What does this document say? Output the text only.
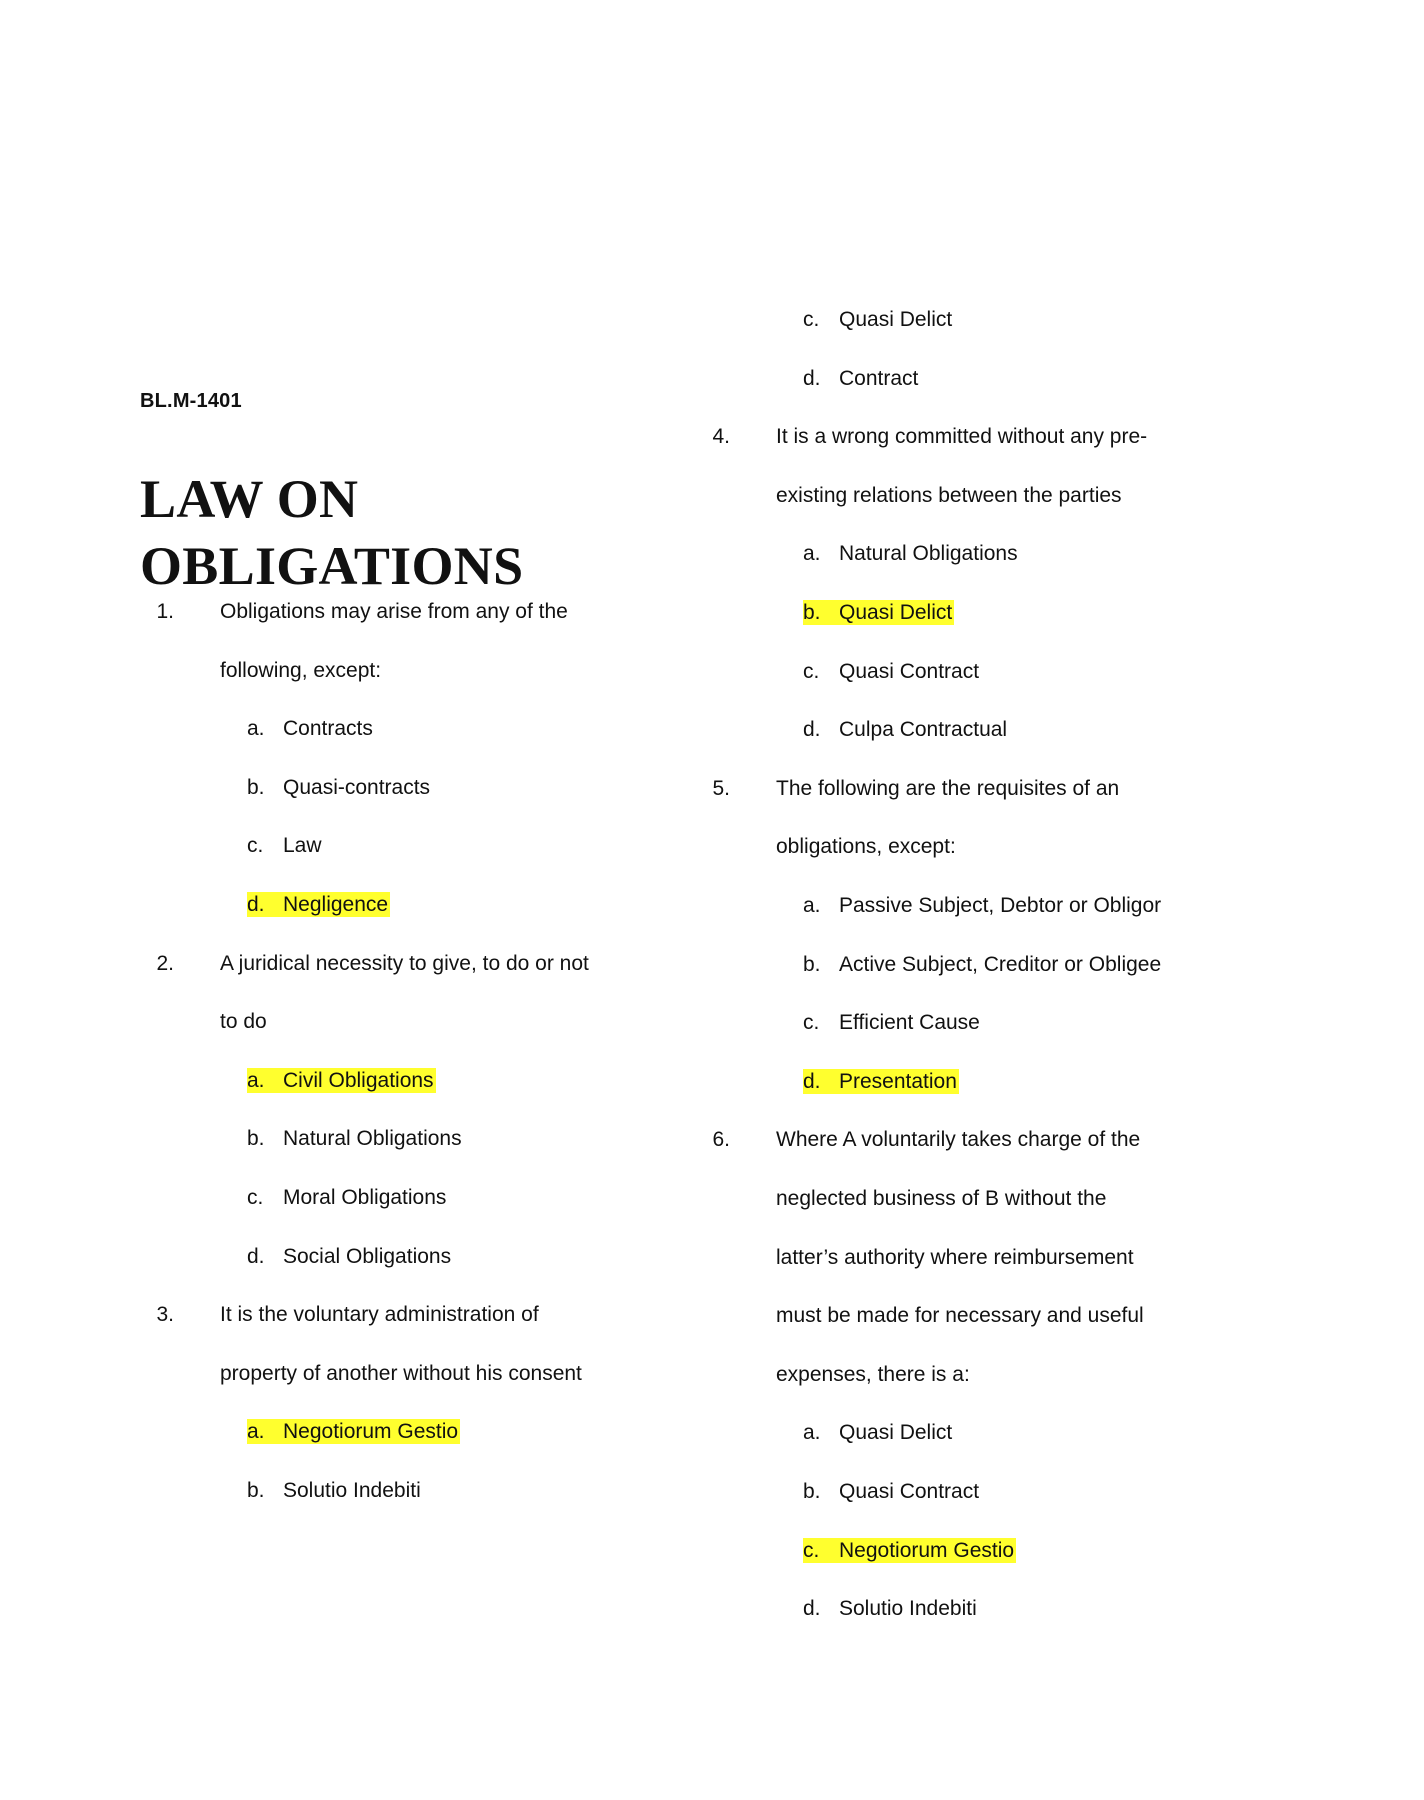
BL.M-1401
LAW ON
OBLIGATIONS
Obligations may arise from any of the
1.
following, except:
a. Contracts
b. Quasi-contracts
c. Law
d. Negligence
A juridical necessity to give, to do or not
2.
to do
a. Civil Obligations
b. Natural Obligations
c. Moral Obligations
d. Social Obligations
It is the voluntary administration of
3.
property of another without his consent
a. Negotiorum Gestio
b. Solutio Indebiti
c. Quasi Delict
d. Contract
It is a wrong committed without any pre-
4.
existing relations between the parties
a. Natural Obligations
b. Quasi Delict
c. Quasi Contract
d. Culpa Contractual
The following are the requisites of an
5.
obligations, except:
a. Passive Subject, Debtor or Obligor
b. Active Subject, Creditor or Obligee
c. Efficient Cause
d. Presentation
Where A voluntarily takes charge of the
6.
neglected business of B without the
latter’s authority where reimbursement
must be made for necessary and useful
expenses, there is a:
a. Quasi Delict
b. Quasi Contract
c. Negotiorum Gestio
d. Solutio Indebiti
